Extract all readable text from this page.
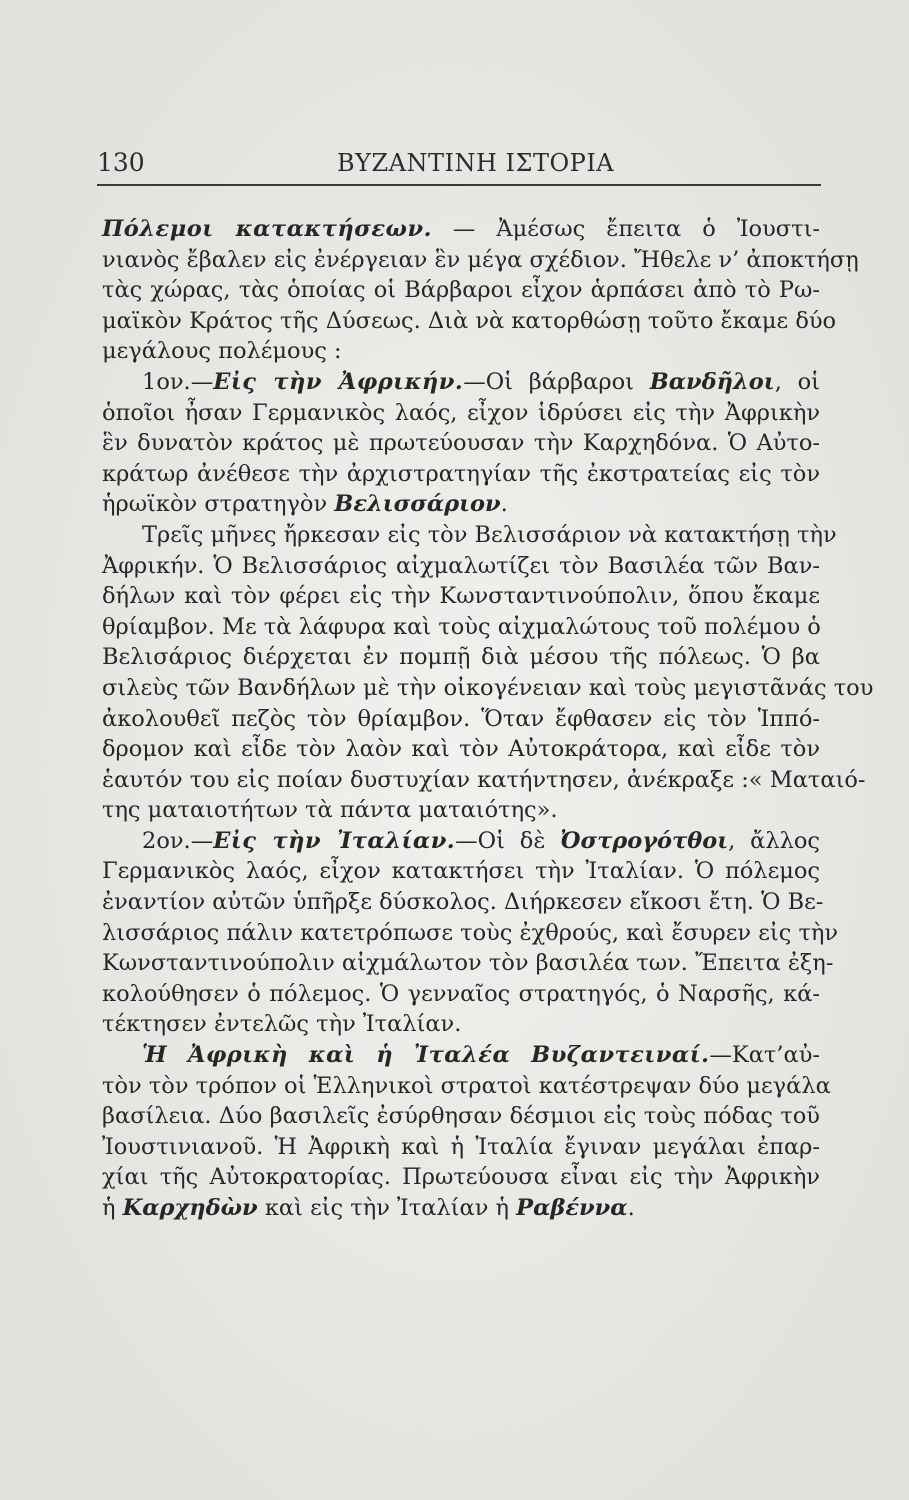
130	ΒΥΖΑΝΤΙΝΗ ΙΣΤΟΡΙΑ
Πόλεμοι κατακτήσεων. — Ἀμέσως ἔπειτα ὁ Ἰουστι-
νιανὸς ἔβαλεν εἰς ἐνέργειαν ἓν μέγα σχέδιον. Ἤθελε ν’ ἀποκτήσῃ
τὰς χώρας, τὰς ὁποίας οἱ Βάρβαροι εἶχον ἁρπάσει ἀπὸ τὸ Ρω-
μαϊκὸν Κράτος τῆς Δύσεως. Διὰ νὰ κατορθώσῃ τοῦτο ἔκαμε δύο
μεγάλους πολέμους :
1ον.—Εἰς τὴν Ἀφρικήν.—Οἱ βάρβαροι Βανδῆλοι, οἱ
ὁποῖοι ἦσαν Γερμανικὸς λαός, εἶχον ἱδρύσει εἰς τὴν Ἀφρικὴν
ἓν δυνατὸν κράτος μὲ πρωτεύουσαν τὴν Καρχηδόνα. Ὁ Αὐτο-
κράτωρ ἀνέθεσε τὴν ἀρχιστρατηγίαν τῆς ἐκστρατείας εἰς τὸν
ἡρωϊκὸν στρατηγὸν Βελισσάριον.
Τρεῖς μῆνες ἤρκεσαν εἰς τὸν Βελισσάριον νὰ κατακτήσῃ τὴν
Ἀφρικήν. Ὁ Βελισσάριος αἰχμαλωτίζει τὸν Βασιλέα τῶν Βαν-
δήλων καὶ τὸν φέρει εἰς τὴν Κωνσταντινούπολιν, ὅπου ἔκαμε
θρίαμβον. Με τὰ λάφυρα καὶ τοὺς αἰχμαλώτους τοῦ πολέμου ὁ
Βελισάριος διέρχεται ἐν πομπῇ διὰ μέσου τῆς πόλεως. Ὁ βα
σιλεὺς τῶν Βανδήλων μὲ τὴν οἰκογένειαν καὶ τοὺς μεγιστᾶνάς του
ἀκολουθεῖ πεζὸς τὸν θρίαμβον. Ὅταν ἔφθασεν εἰς τὸν Ἱππό-
δρομον καὶ εἶδε τὸν λαὸν καὶ τὸν Αὐτοκράτορα, καὶ εἶδε τὸν
ἑαυτόν του εἰς ποίαν δυστυχίαν κατήντησεν, ἀνέκραξε :« Ματαιό-
της ματαιοτήτων τὰ πάντα ματαιότης».
2ον.—Εἰς τὴν Ἰταλίαν.—Οἱ δὲ Ὀστρογότθοι, ἄλλος
Γερμανικὸς λαός, εἶχον κατακτήσει τὴν Ἰταλίαν. Ὁ πόλεμος
ἐναντίον αὐτῶν ὑπῆρξε δύσκολος. Διήρκεσεν εἴκοσι ἔτη. Ὁ Βε-
λισσάριος πάλιν κατετρόπωσε τοὺς ἐχθρούς, καὶ ἔσυρεν εἰς τὴν
Κωνσταντινούπολιν αἰχμάλωτον τὸν βασιλέα των. Ἔπειτα ἐξη-
κολούθησεν ὁ πόλεμος. Ὁ γενναῖος στρατηγός, ὁ Ναρσῆς, κά-
τέκτησεν ἐντελῶς τὴν Ἰταλίαν.
Ἡ Ἀφρικὴ καὶ ἡ Ἰταλέα Βυζαντειναί.—Κατ’αὐ-
τὸν τὸν τρόπον οἱ Ἑλληνικοὶ στρατοὶ κατέστρεψαν δύο μεγάλα
βασίλεια. Δύο βασιλεῖς ἐσύρθησαν δέσμιοι εἰς τοὺς πόδας τοῦ
Ἰουστινιανοῦ. Ἡ Ἀφρικὴ καὶ ἡ Ἰταλία ἔγιναν μεγάλαι ἐπαρ-
χίαι τῆς Αὐτοκρατορίας. Πρωτεύουσα εἶναι εἰς τὴν Ἀφρικὴν
ἡ Καρχηδὼν καὶ εἰς τὴν Ἰταλίαν ἡ Ραβέννα.
